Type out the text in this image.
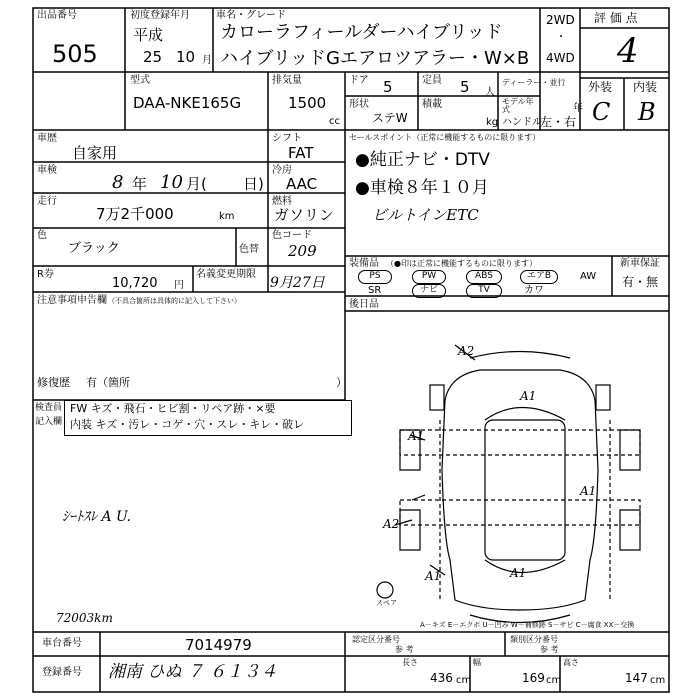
出品番号
505
初度登録年月
平成
25 10 月
車名・グレード
カローラフィールダーハイブリッド
ハイブリッドGエアロツアラー・W×B
2WD
・
4WD
評 価 点
4
外装 内装
C B
型式
DAA-NKE165G
排気量
1500
cc
ドア 5	定員 5 人
ディーラー・並行
形状
ステW
積載
kg
モデル年式	年
ハンドル
左・右
車歴
自家用
車検
8 年 10 月( 日)
走行
7万2千000	km
色
ブラック	色替
R券
10,720 円
名義変更期限
9月27日
シフト
FAT
冷房
AAC
燃料
ガソリン
色コード
209
セールスポイント（正常に機能するものに限ります）
●純正ナビ・DTV
●車検８年１０月
ビルトインETC
装備品 （●印は正常に機能するものに限ります）	新車保証
有・無
PS	PW	ABS	エアB	AW
SR	ナビ	TV	カワ
後日品
注意事項申告欄 （不具合箇所は具体的に記入して下さい）
修復歴 有（箇所	）
検査員
記入欄
FW キズ・飛石・ヒビ割・リペア跡・×要
内装 キズ・汚レ・コゲ・穴・スレ・キレ・破レ
ｼｰﾄｽﾚ A U.
72003km
A2
A1
A1
A1
A2
A1	A1
スペア
A－キズ E－エクボ U－凹み W－補修跡 S－サビ C－腐食 XX－交換
車台番号	7014979
登録番号 湘南 ひぬ ７ ６１３４
認定区分番号
参 考
類別区分番号
参 考
長さ
436 cm
幅
169 cm
高さ
147 cm
